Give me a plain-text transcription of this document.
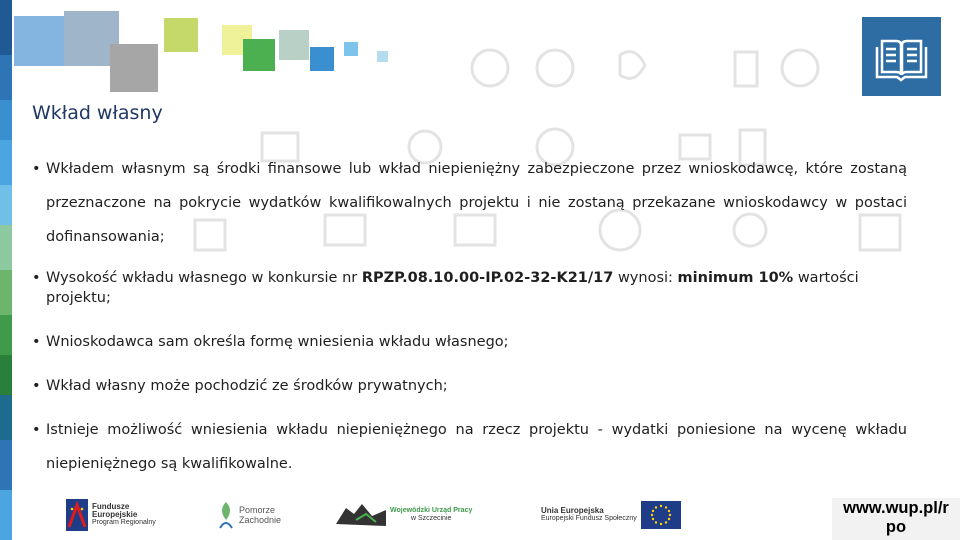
Wkład własny

• Wkładem własnym są środki finansowe lub wkład niepieniężny zabezpieczone przez wnioskodawcę, które zostaną przeznaczone na pokrycie wydatków kwalifikowalnych projektu i nie zostaną przekazane wnioskodawcy w postaci dofinansowania;

• Wysokość wkładu własnego w konkursie nr RPZP.08.10.00-IP.02-32-K21/17 wynosi: minimum 10% wartości projektu;

• Wnioskodawca sam określa formę wniesienia wkładu własnego;

• Wkład własny może pochodzić ze środków prywatnych;

• Istnieje możliwość wniesienia wkładu niepieniężnego na rzecz projektu - wydatki poniesione na wycenę wkładu
niepieniężnego są kwalifikowalne.

Fundusze
Europejskie
Program Regionalny
Pomorze
Zachodnie
Wojewódzki Urząd Pracy
w Szczecinie
Unia Europejska
Europejski Fundusz Społeczny
www.wup.pl/r
po
